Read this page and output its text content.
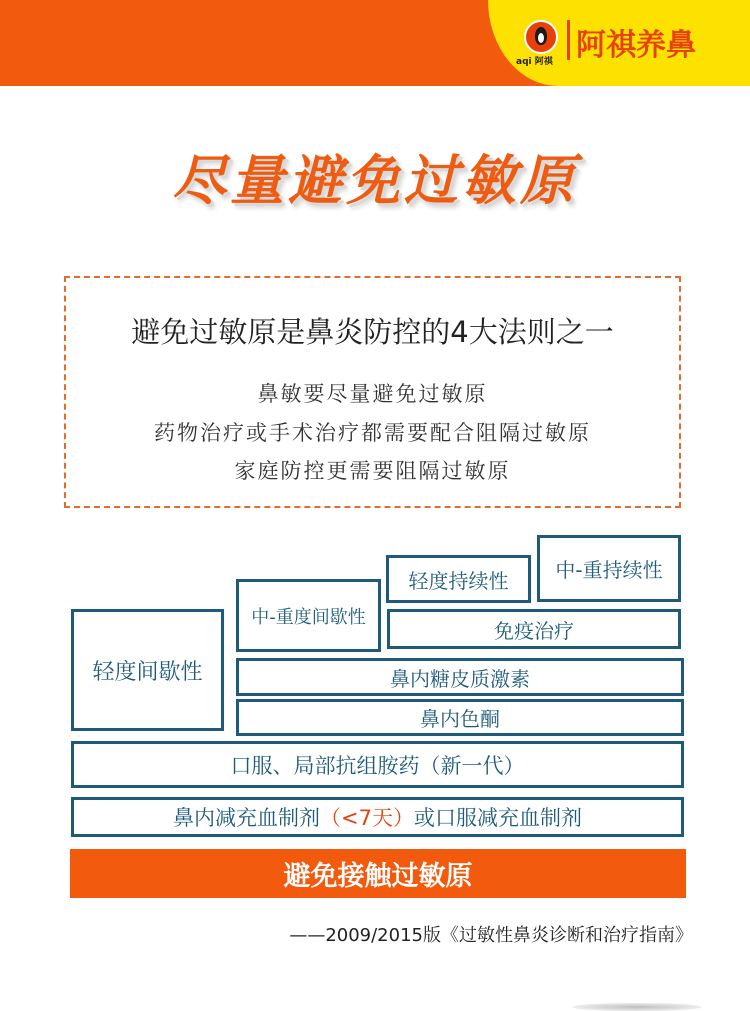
aqi 阿祺 阿祺养鼻
尽量避免过敏原
避免过敏原是鼻炎防控的4大法则之一
鼻敏要尽量避免过敏原
药物治疗或手术治疗都需要配合阻隔过敏原
家庭防控更需要阻隔过敏原
轻度间歇性
中-重度间歇性
轻度持续性	中-重持续性
免疫治疗
鼻内糖皮质激素
鼻内色酮
口服、局部抗组胺药（新一代）
鼻内减充血制剂 （<7天） 或口服减充血制剂
避免接触过敏原
——2009/2015版《过敏性鼻炎诊断和治疗指南》
